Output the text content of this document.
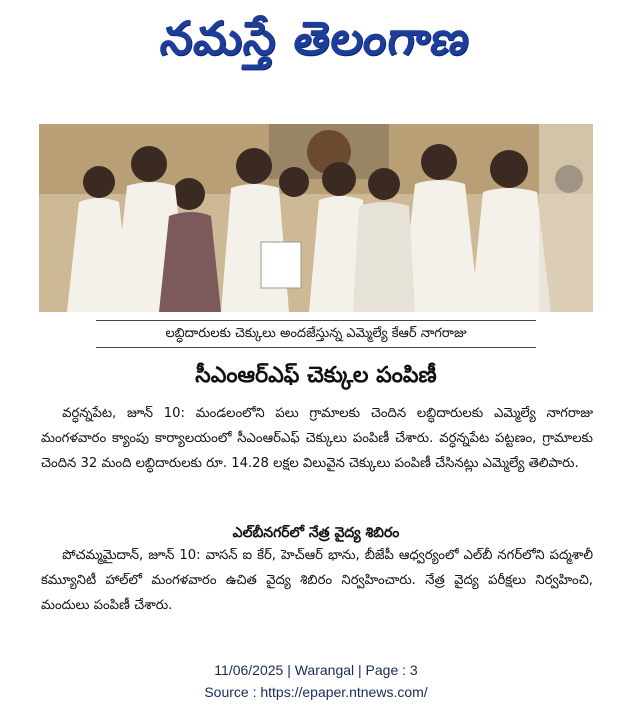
నమస్తే తెలంగాణ
లబ్ధిదారులకు చెక్కులు అందజేస్తున్న ఎమ్మెల్యే కేఆర్ నాగరాజు
సీఎంఆర్‌ఎఫ్ చెక్కుల పంపిణీ

వర్ధన్నపేట, జూన్ 10: మండలంలోని పలు గ్రామాలకు చెందిన లబ్ధిదారులకు ఎమ్మెల్యే నాగరాజు మంగళవారం క్యాంపు కార్యాలయంలో సీఎంఆర్‌ఎఫ్ చెక్కులు పంపిణీ చేశారు. వర్ధన్నపేట పట్టణం, గ్రామాలకు చెందిన 32 మంది లబ్ధిదారులకు రూ. 14.28 లక్షల విలువైన చెక్కులు పంపిణీ చేసినట్లు ఎమ్మెల్యే తెలిపారు.

ఎల్‌బీనగర్‌లో నేత్ర వైద్య శిబిరం

పోచమ్మమైదాన్, జూన్ 10: వాసన్ ఐ కేర్, హెచ్‌ఆర్ భాను, బీజేపీ ఆధ్వర్యంలో ఎల్‌బీ నగర్‌లోని పద్మశాలీ కమ్యూనిటీ హాల్‌లో మంగళవారం ఉచిత వైద్య శిబిరం నిర్వహించారు. నేత్ర వైద్య పరీక్షలు నిర్వహించి, మందులు పంపిణీ చేశారు.

11/06/2025 | Warangal | Page : 3
Source : https://epaper.ntnews.com/
